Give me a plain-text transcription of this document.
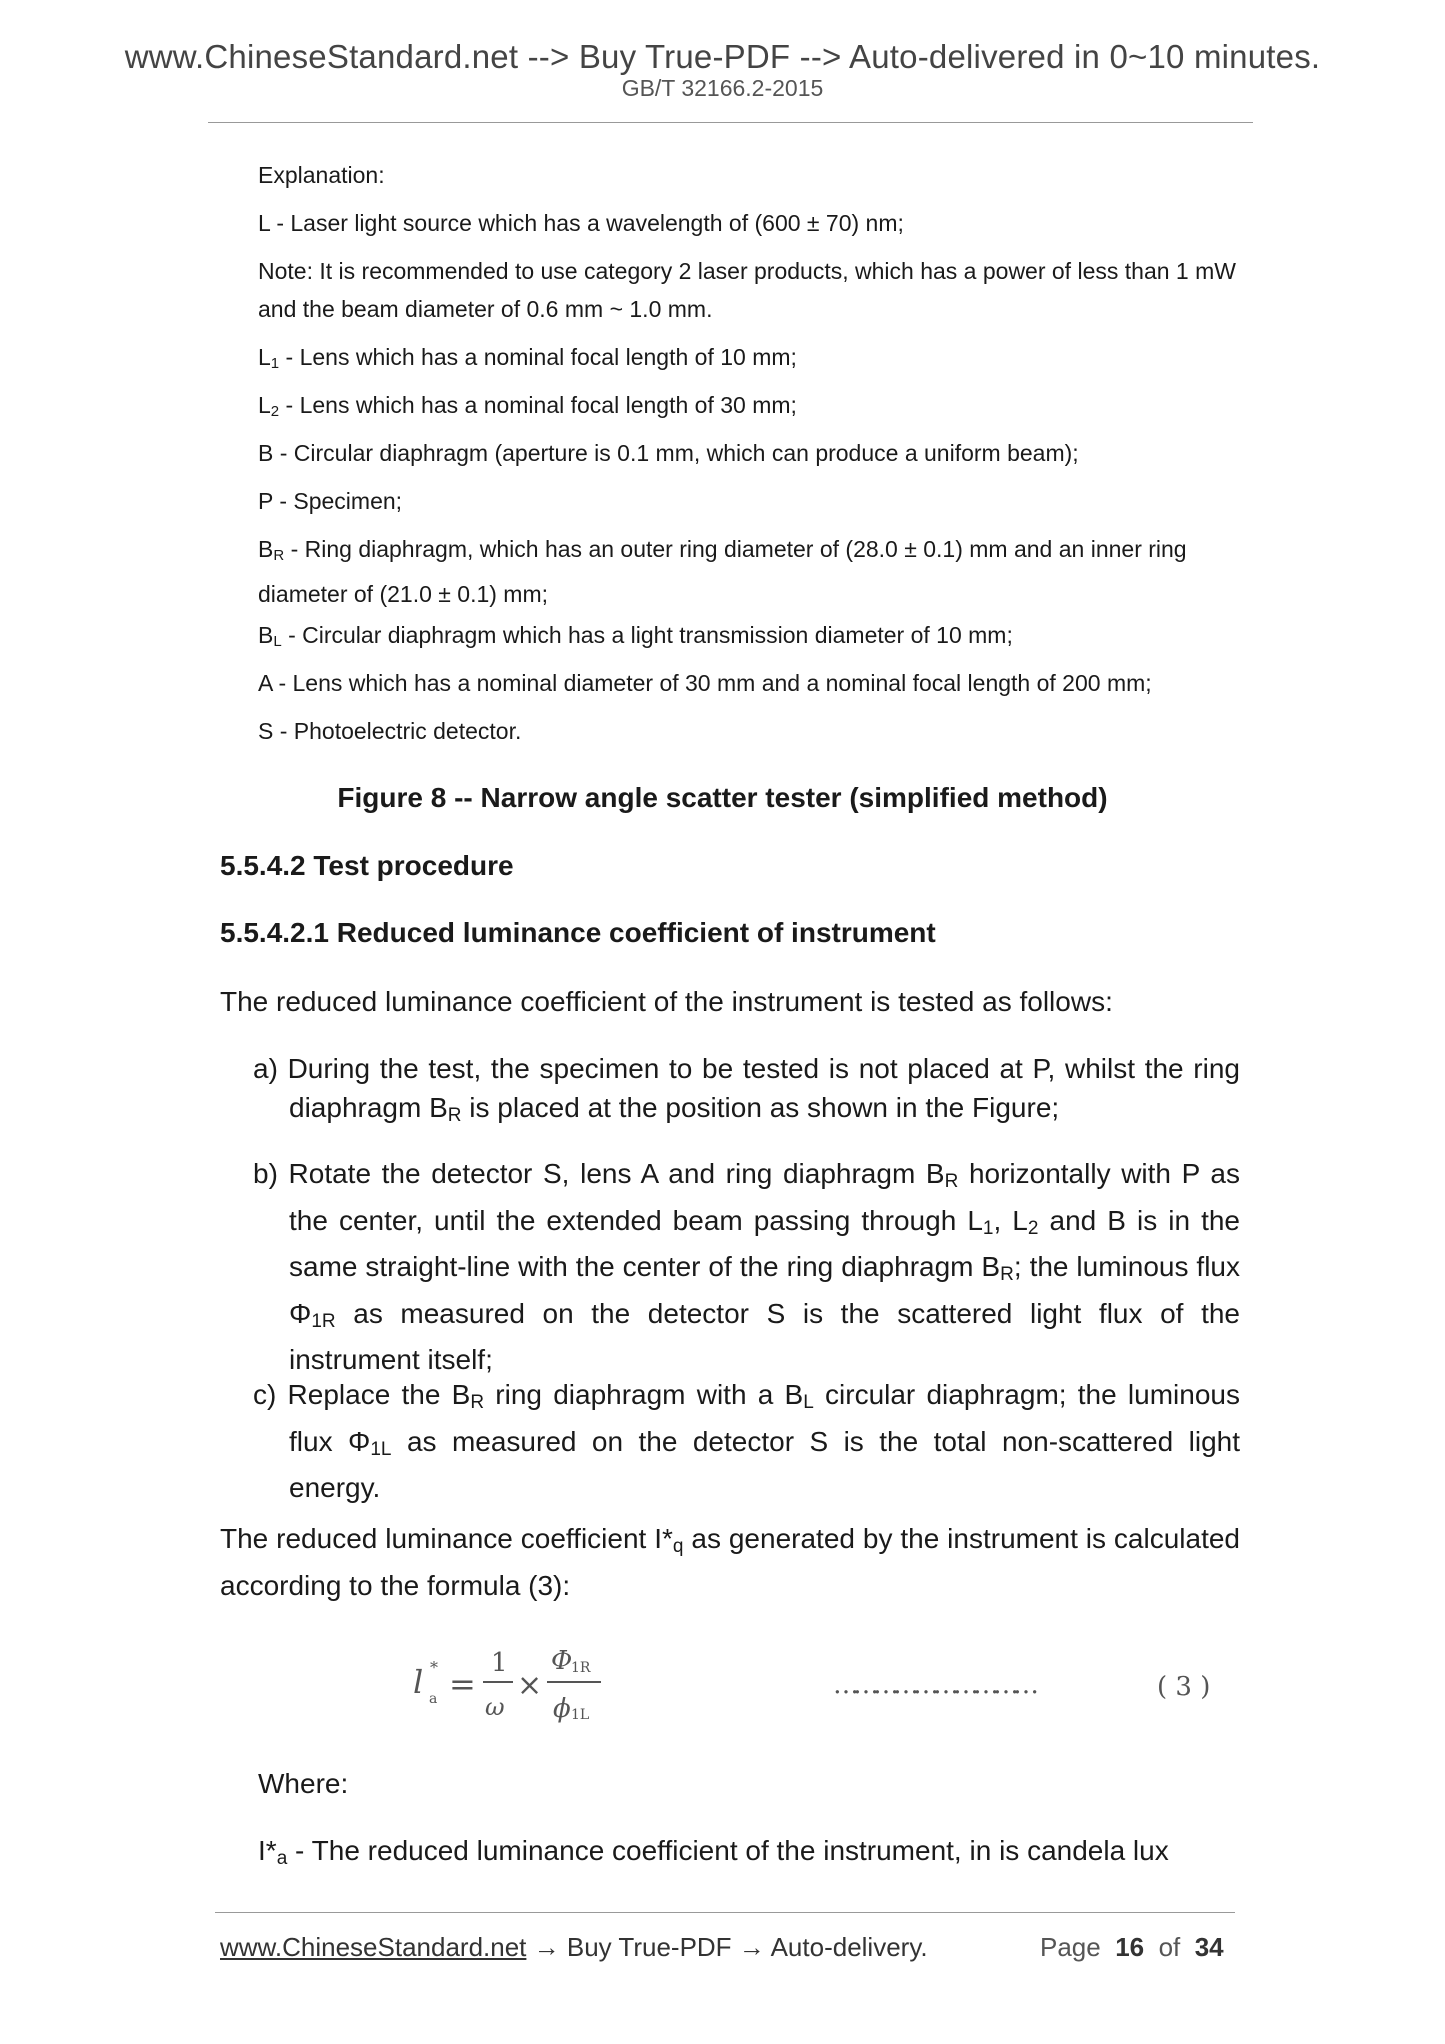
www.ChineseStandard.net --> Buy True-PDF --> Auto-delivered in 0~10 minutes.
GB/T 32166.2-2015
Explanation:
L - Laser light source which has a wavelength of (600 ± 70) nm;
Note: It is recommended to use category 2 laser products, which has a power of less than 1 mW and the beam diameter of 0.6 mm ~ 1.0 mm.
$L_1$ - Lens which has a nominal focal length of 10 mm;
$L_2$ - Lens which has a nominal focal length of 30 mm;
B - Circular diaphragm (aperture is 0.1 mm, which can produce a uniform beam);
P - Specimen;
$B_R$ - Ring diaphragm, which has an outer ring diameter of (28.0 ± 0.1) mm and an inner ring diameter of (21.0 ± 0.1) mm;
$B_L$ - Circular diaphragm which has a light transmission diameter of 10 mm;
A - Lens which has a nominal diameter of 30 mm and a nominal focal length of 200 mm;
S - Photoelectric detector.
Figure 8 -- Narrow angle scatter tester (simplified method)
5.5.4.2 Test procedure
5.5.4.2.1 Reduced luminance coefficient of instrument
The reduced luminance coefficient of the instrument is tested as follows:
a) During the test, the specimen to be tested is not placed at P, whilst the ring diaphragm BR is placed at the position as shown in the Figure;
b) Rotate the detector S, lens A and ring diaphragm BR horizontally with P as the center, until the extended beam passing through L1, L2 and B is in the same straight-line with the center of the ring diaphragm BR; the luminous flux Φ1R as measured on the detector S is the scattered light flux of the instrument itself;
c) Replace the BR ring diaphragm with a BL circular diaphragm; the luminous flux Φ1L as measured on the detector S is the total non-scattered light energy.
The reduced luminance coefficient I*q as generated by the instrument is calculated according to the formula (3):
l *
a =
1
ω
×
Φ
1R
ϕ 1L
…………………………	( 3 )
Where:
I*a - The reduced luminance coefficient of the instrument, in is candela lux
www.ChineseStandard.net → Buy True-PDF → Auto-delivery.	Page 16 of 34
